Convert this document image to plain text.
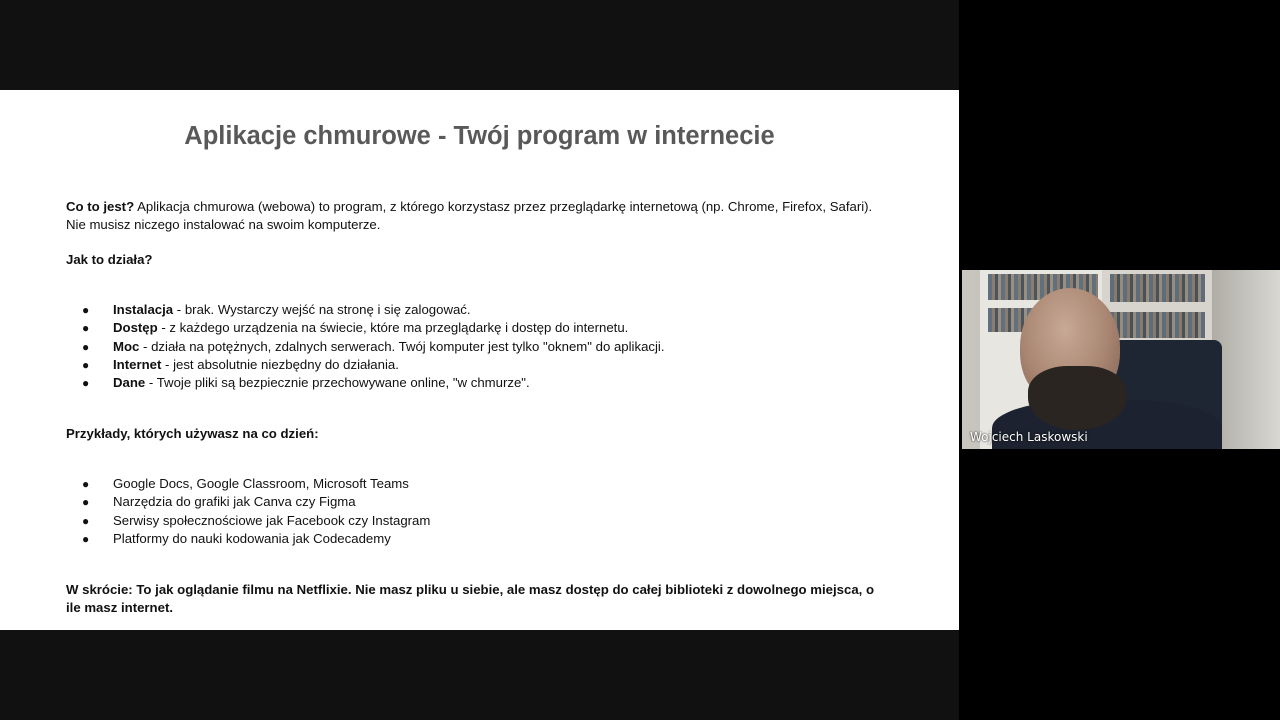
Aplikacje chmurowe - Twój program w internecie

Co to jest? Aplikacja chmurowa (webowa) to program, z którego korzystasz przez przeglądarkę internetową (np. Chrome, Firefox, Safari).
Nie musisz niczego instalować na swoim komputerze.

Jak to działa?

● Instalacja - brak. Wystarczy wejść na stronę i się zalogować.
● Dostęp - z każdego urządzenia na świecie, które ma przeglądarkę i dostęp do internetu.
● Moc - działa na potężnych, zdalnych serwerach. Twój komputer jest tylko "oknem" do aplikacji.
● Internet - jest absolutnie niezbędny do działania.
● Dane - Twoje pliki są bezpiecznie przechowywane online, "w chmurze".

Przykłady, których używasz na co dzień:

● Google Docs, Google Classroom, Microsoft Teams
● Narzędzia do grafiki jak Canva czy Figma
● Serwisy społecznościowe jak Facebook czy Instagram
● Platformy do nauki kodowania jak Codecademy

W skrócie: To jak oglądanie filmu na Netflixie. Nie masz pliku u siebie, ale masz dostęp do całej biblioteki z dowolnego miejsca, o
ile masz internet.

Wojciech Laskowski
